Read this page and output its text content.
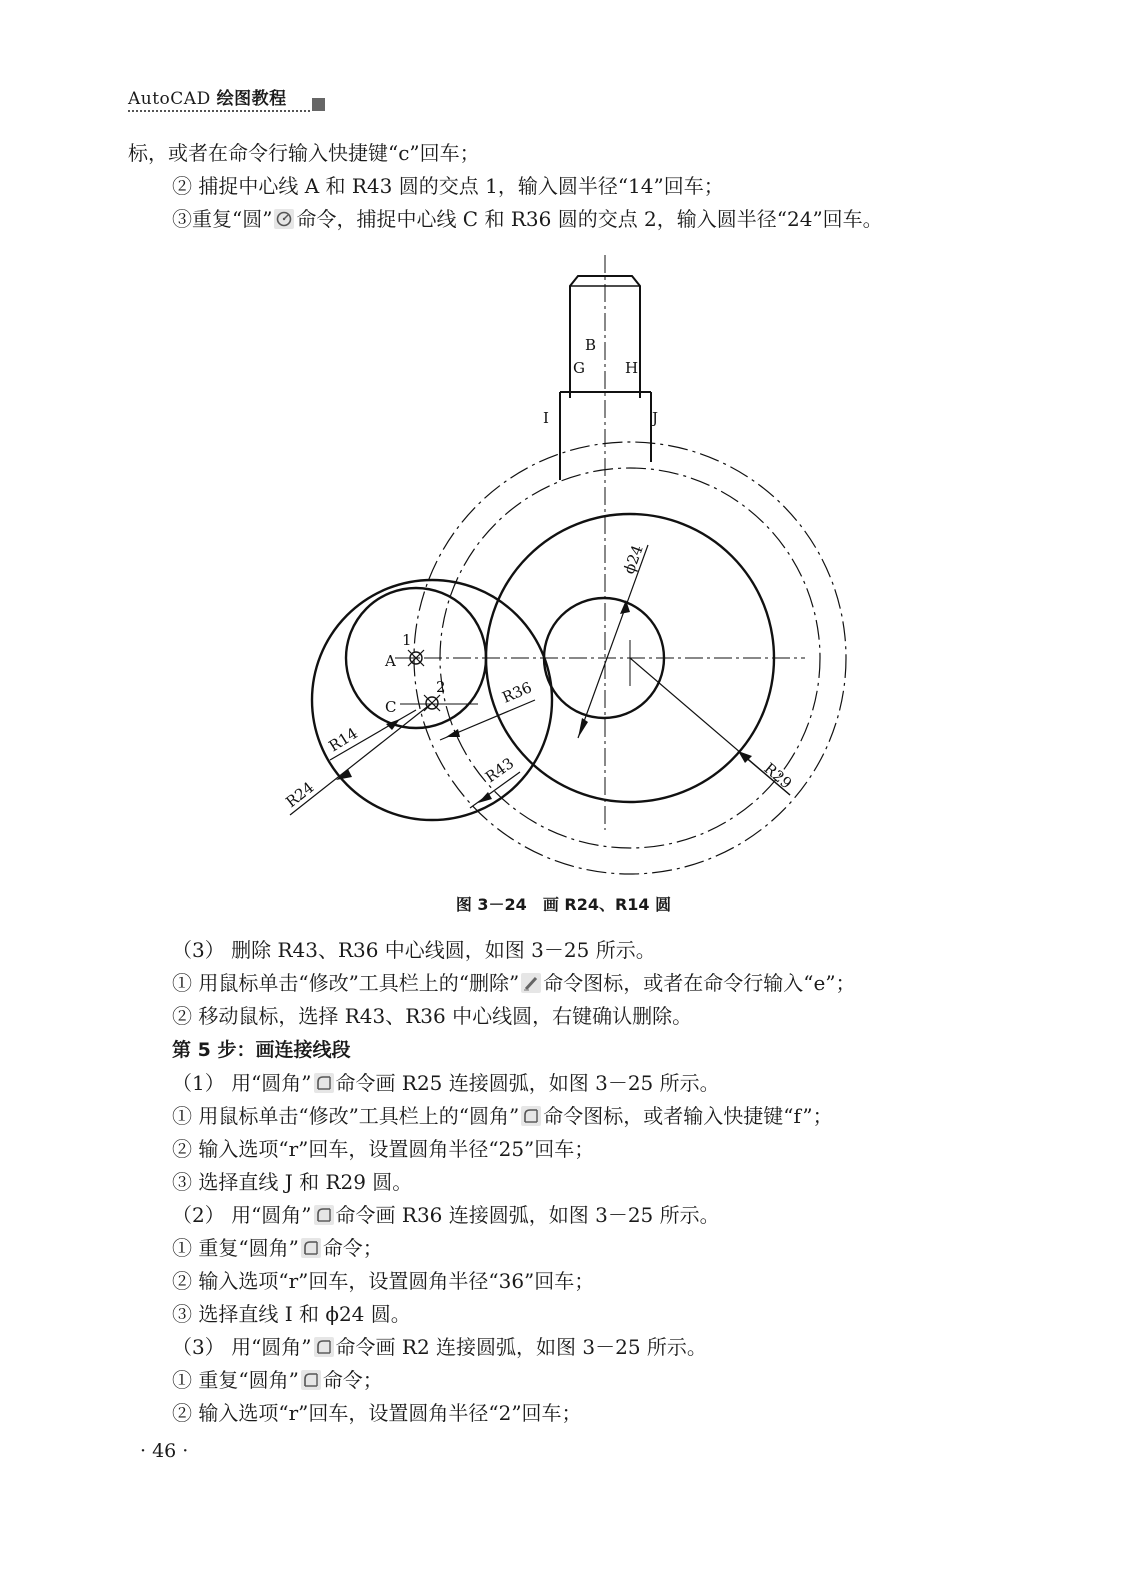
AutoCAD 绘图教程
标，或者在命令行输入快捷键“c”回车；
② 捕捉中心线 A 和 R43 圆的交点 1，输入圆半径“14”回车；
③重复“圆” 命令，捕捉中心线 C 和 R36 圆的交点 2，输入圆半径“24”回车。
B
G	H
I	J
A
1
2
C
ϕ24
R36
R14
R24
R43	R29
图 3－24　画 R24、R14 圆
（3） 删除 R43、R36 中心线圆，如图 3－25 所示。
① 用鼠标单击“修改”工具栏上的“删除” 命令图标，或者在命令行输入“e”；
② 移动鼠标，选择 R43、R36 中心线圆，右键确认删除。
第 5 步：画连接线段
（1） 用“圆角” 命令画 R25 连接圆弧，如图 3－25 所示。
① 用鼠标单击“修改”工具栏上的“圆角” 命令图标，或者输入快捷键“f”；
② 输入选项“r”回车，设置圆角半径“25”回车；
③ 选择直线 J 和 R29 圆。
（2） 用“圆角” 命令画 R36 连接圆弧，如图 3－25 所示。
① 重复“圆角” 命令；
② 输入选项“r”回车，设置圆角半径“36”回车；
③ 选择直线 I 和 ϕ24 圆。
（3） 用“圆角” 命令画 R2 连接圆弧，如图 3－25 所示。
① 重复“圆角” 命令；
② 输入选项“r”回车，设置圆角半径“2”回车；
· 46 ·
